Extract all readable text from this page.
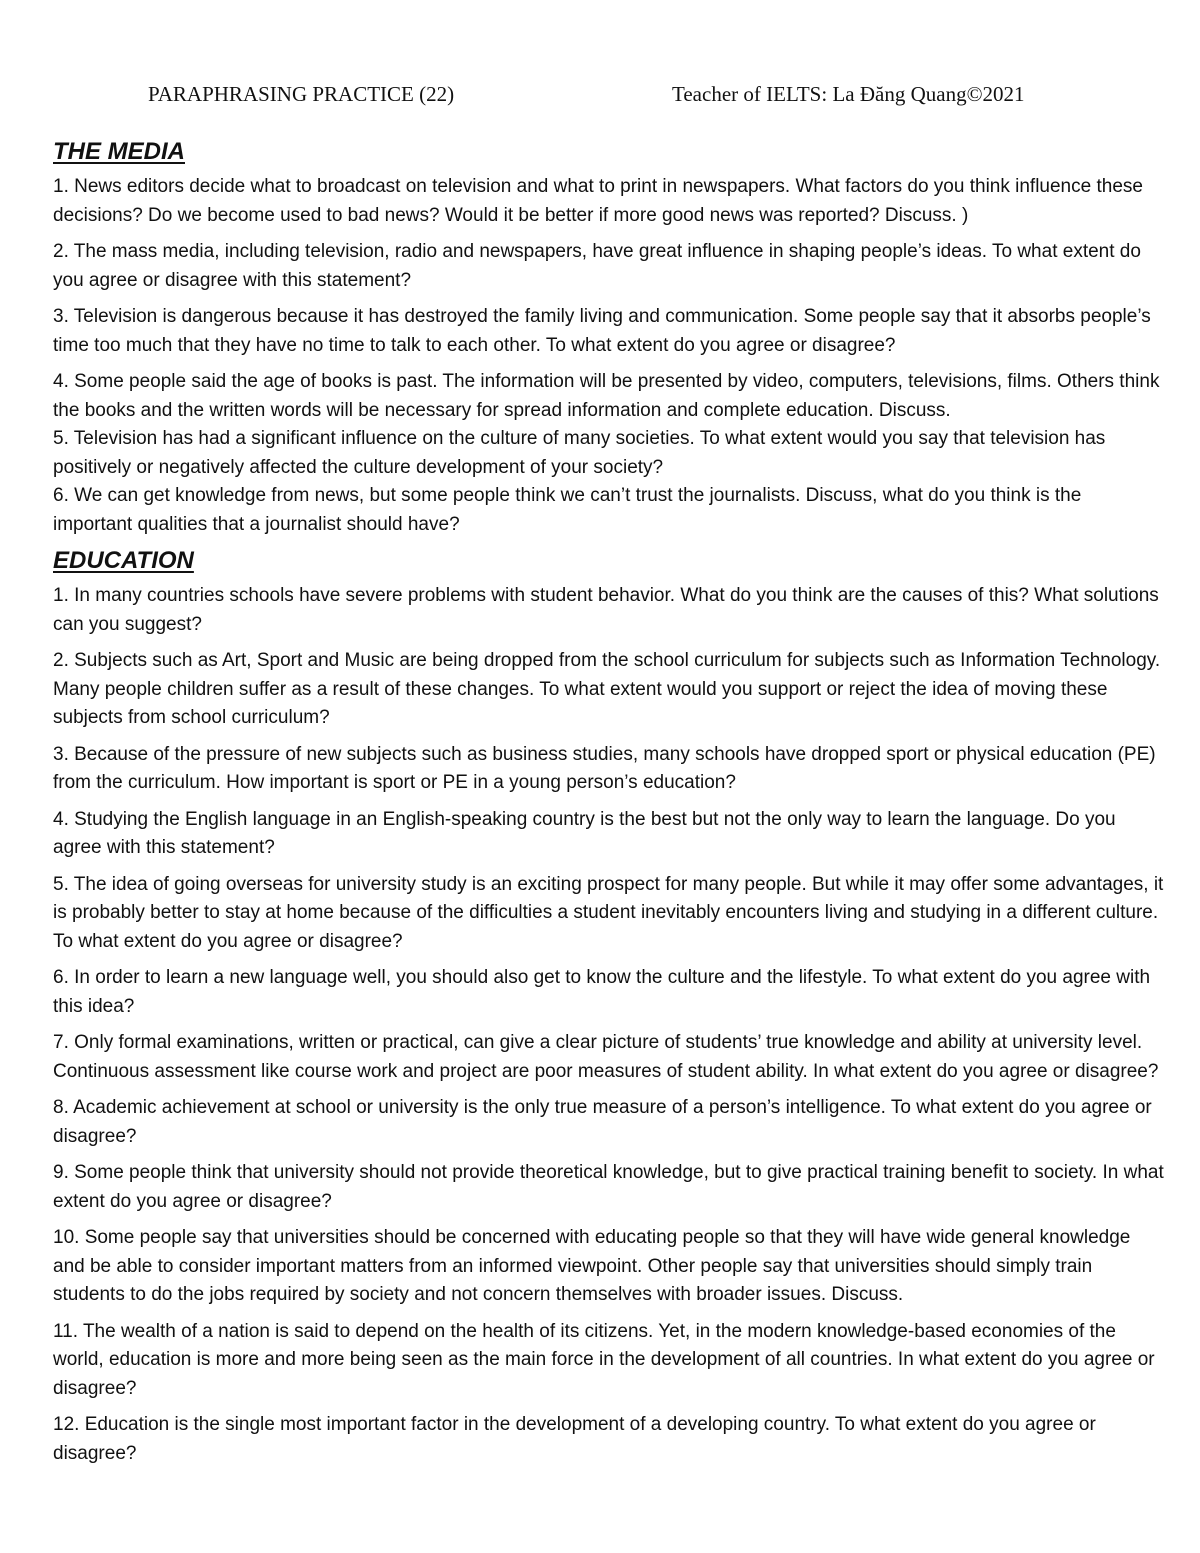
PARAPHRASING PRACTICE (22)	Teacher of IELTS: La Đăng Quang©2021
THE MEDIA

1. News editors decide what to broadcast on television and what to print in newspapers. What factors do you think influence these decisions? Do we become used to bad news? Would it be better if more good news was reported? Discuss. )

2. The mass media, including television, radio and newspapers, have great influence in shaping people’s ideas. To what extent do you agree or disagree with this statement?

3. Television is dangerous because it has destroyed the family living and communication. Some people say that it absorbs people’s time too much that they have no time to talk to each other. To what extent do you agree or disagree?

4. Some people said the age of books is past. The information will be presented by video, computers, televisions, films. Others think the books and the written words will be necessary for spread information and complete education. Discuss.

5. Television has had a significant influence on the culture of many societies. To what extent would you say that television has positively or negatively affected the culture development of your society?

6. We can get knowledge from news, but some people think we can’t trust the journalists. Discuss, what do you think is the important qualities that a journalist should have?

EDUCATION

1. In many countries schools have severe problems with student behavior. What do you think are the causes of this? What solutions can you suggest?

2. Subjects such as Art, Sport and Music are being dropped from the school curriculum for subjects such as Information Technology. Many people children suffer as a result of these changes. To what extent would you support or reject the idea of moving these subjects from school curriculum?

3. Because of the pressure of new subjects such as business studies, many schools have dropped sport or physical education (PE) from the curriculum. How important is sport or PE in a young person’s education?

4. Studying the English language in an English-speaking country is the best but not the only way to learn the language. Do you agree with this statement?

5. The idea of going overseas for university study is an exciting prospect for many people. But while it may offer some advantages, it is probably better to stay at home because of the difficulties a student inevitably encounters living and studying in a different culture. To what extent do you agree or disagree?

6. In order to learn a new language well, you should also get to know the culture and the lifestyle. To what extent do you agree with this idea?

7. Only formal examinations, written or practical, can give a clear picture of students’ true knowledge and ability at university level. Continuous assessment like course work and project are poor measures of student ability. In what extent do you agree or disagree?

8. Academic achievement at school or university is the only true measure of a person’s intelligence. To what extent do you agree or disagree?

9. Some people think that university should not provide theoretical knowledge, but to give practical training benefit to society. In what extent do you agree or disagree?

10. Some people say that universities should be concerned with educating people so that they will have wide general knowledge and be able to consider important matters from an informed viewpoint. Other people say that universities should simply train students to do the jobs required by society and not concern themselves with broader issues. Discuss.

11. The wealth of a nation is said to depend on the health of its citizens. Yet, in the modern knowledge-based economies of the world, education is more and more being seen as the main force in the development of all countries. In what extent do you agree or disagree?

12. Education is the single most important factor in the development of a developing country. To what extent do you agree or disagree?
